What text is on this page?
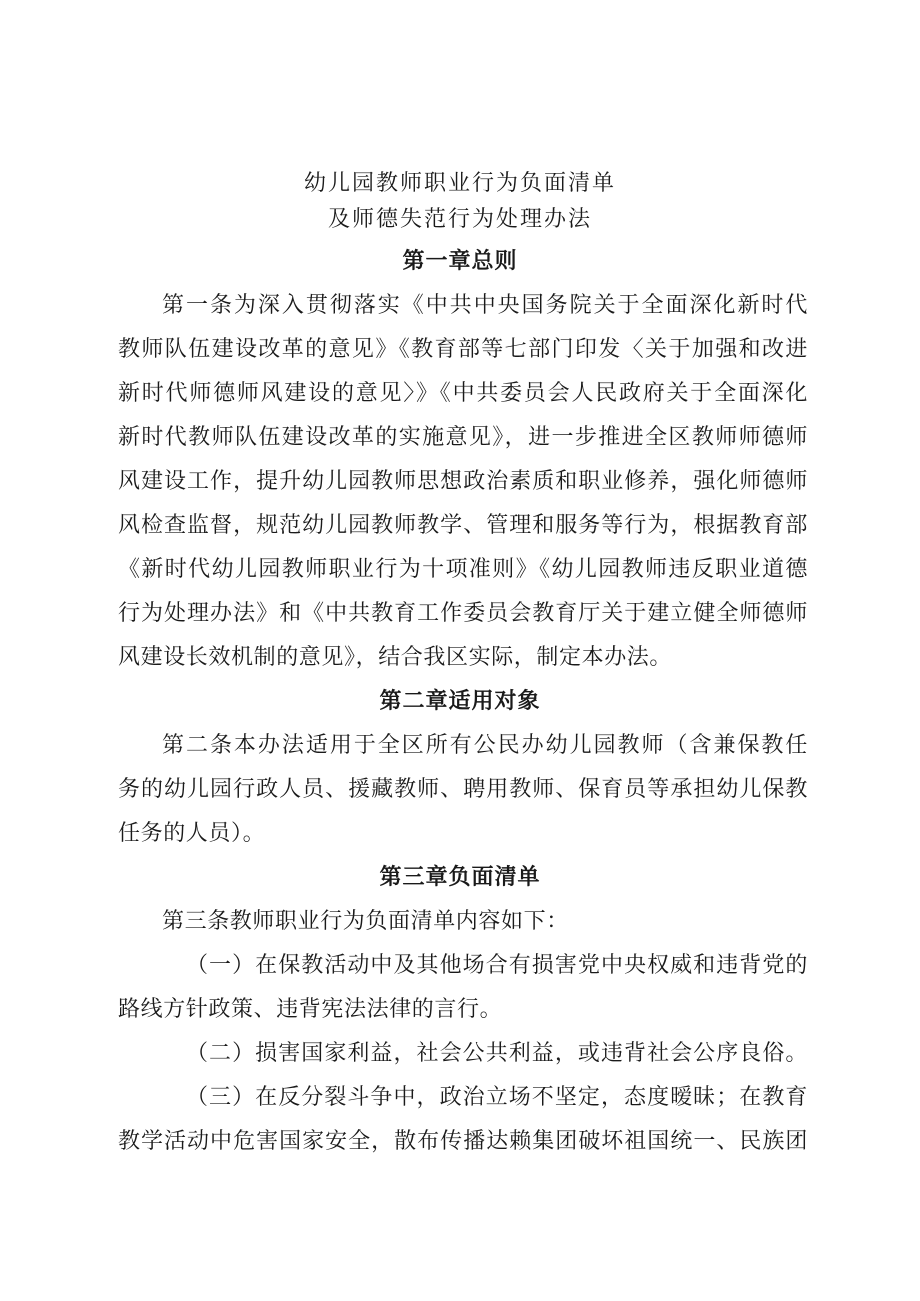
幼儿园教师职业行为负面清单
及师德失范行为处理办法
第一章总则
第一条为深入贯彻落实《中共中央国务院关于全面深化新时代
教师队伍建设改革的意见》《教育部等七部门印发〈关于加强和改进
新时代师德师风建设的意见〉》《中共委员会人民政府关于全面深化
新时代教师队伍建设改革的实施意见》，进一步推进全区教师师德师
风建设工作，提升幼儿园教师思想政治素质和职业修养，强化师德师
风检查监督，规范幼儿园教师教学、管理和服务等行为，根据教育部
《新时代幼儿园教师职业行为十项准则》《幼儿园教师违反职业道德
行为处理办法》和《中共教育工作委员会教育厅关于建立健全师德师
风建设长效机制的意见》，结合我区实际，制定本办法。
第二章适用对象
第二条本办法适用于全区所有公民办幼儿园教师（含兼保教任
务的幼儿园行政人员、援藏教师、聘用教师、保育员等承担幼儿保教
任务的人员）。
第三章负面清单
第三条教师职业行为负面清单内容如下：
（一）在保教活动中及其他场合有损害党中央权威和违背党的
路线方针政策、违背宪法法律的言行。
（二）损害国家利益，社会公共利益，或违背社会公序良俗。
（三）在反分裂斗争中，政治立场不坚定，态度暧昧；在教育
教学活动中危害国家安全，散布传播达赖集团破坏祖国统一、民族团
